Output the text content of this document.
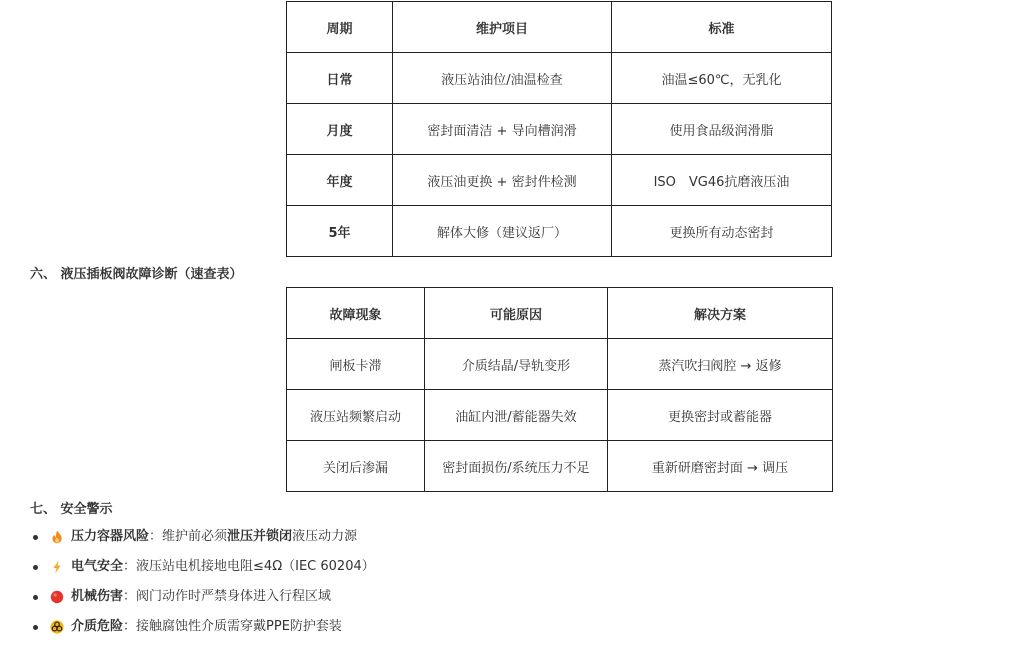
周期	维护项目	标准
日常	液压站油位/油温检查	油温≤60℃，无乳化
月度	密封面清洁 + 导向槽润滑	使用食品级润滑脂
年度	液压油更换 + 密封件检测	ISO　VG46抗磨液压油
5年	解体大修（建议返厂）	更换所有动态密封
六、 液压插板阀故障诊断（速查表）
故障现象	可能原因	解决方案
闸板卡滞	介质结晶/导轨变形	蒸汽吹扫阀腔 → 返修
液压站频繁启动	油缸内泄/蓄能器失效	更换密封或蓄能器
关闭后渗漏	密封面损伤/系统压力不足	重新研磨密封面 → 调压
七、 安全警示
压力容器风险：维护前必须泄压并锁闭液压动力源
电气安全：液压站电机接地电阻≤4Ω（IEC 60204）
机械伤害：阀门动作时严禁身体进入行程区域
介质危险：接触腐蚀性介质需穿戴PPE防护套装
